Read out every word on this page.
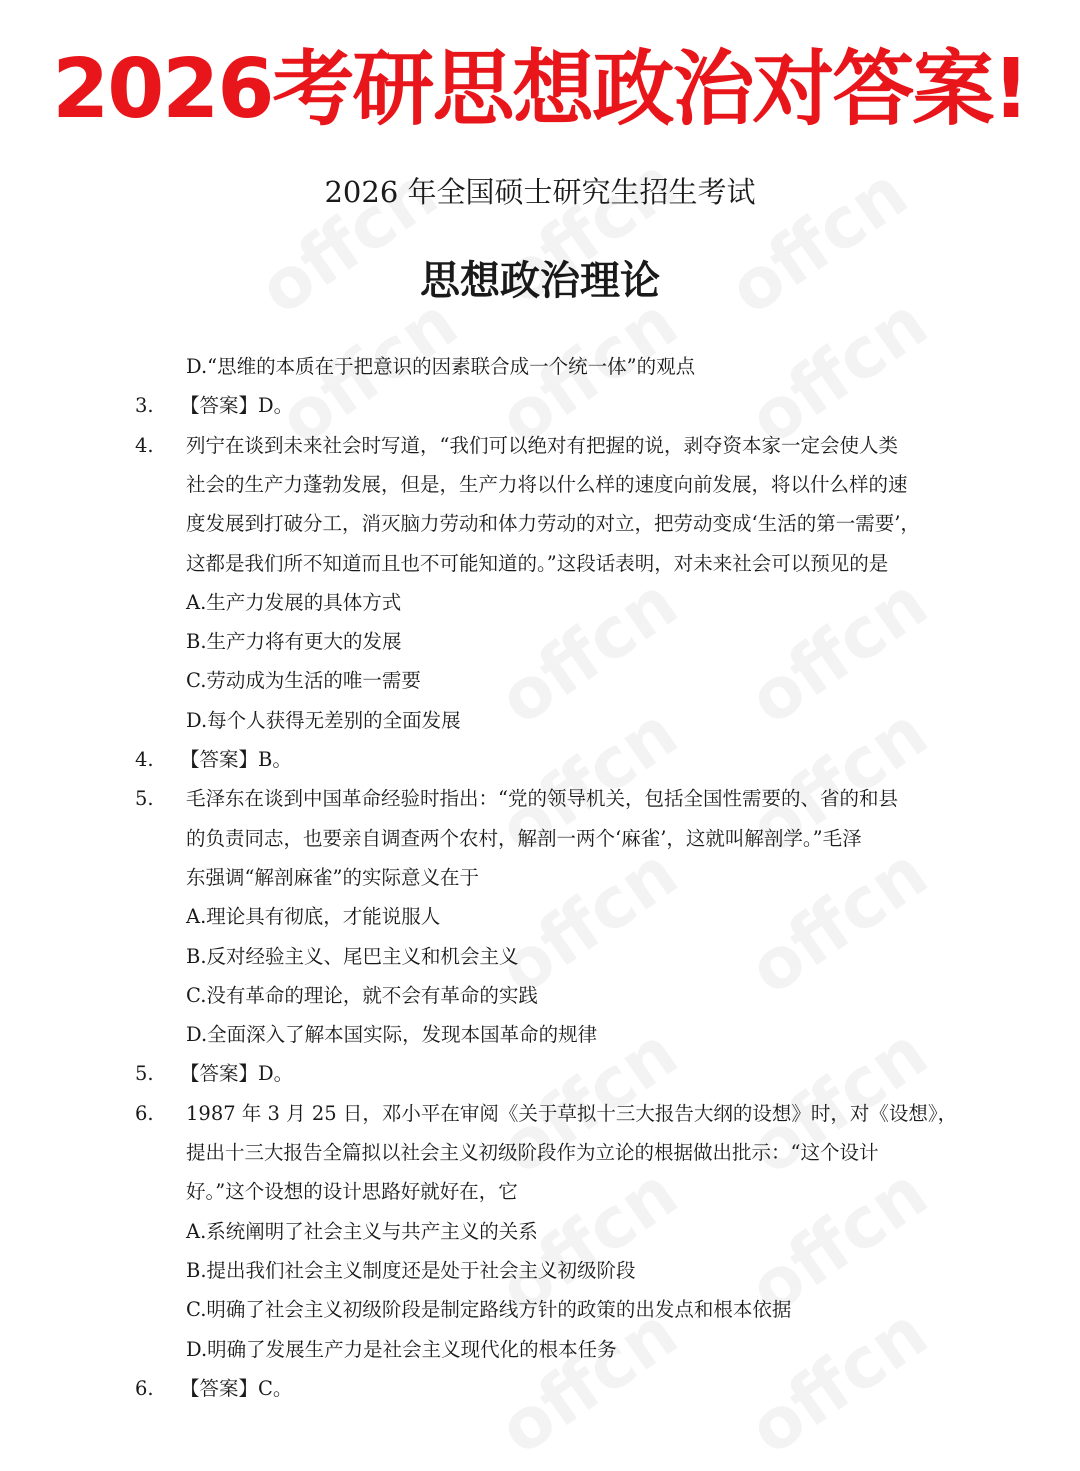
2026考研思想政治对答案!
2026 年全国硕士研究生招生考试
思想政治理论
D.“思维的本质在于把意识的因素联合成一个统一体”的观点
3. 【答案】D。
4. 列宁在谈到未来社会时写道，“我们可以绝对有把握的说，剥夺资本家一定会使人类
社会的生产力蓬勃发展，但是，生产力将以什么样的速度向前发展，将以什么样的速
度发展到打破分工，消灭脑力劳动和体力劳动的对立，把劳动变成‘生活的第一需要’，
这都是我们所不知道而且也不可能知道的。”这段话表明，对未来社会可以预见的是
A.生产力发展的具体方式
B.生产力将有更大的发展
C.劳动成为生活的唯一需要
D.每个人获得无差别的全面发展
4. 【答案】B。
5. 毛泽东在谈到中国革命经验时指出：“党的领导机关，包括全国性需要的、省的和县
的负责同志，也要亲自调查两个农村，解剖一两个‘麻雀’，这就叫解剖学。”毛泽
东强调“解剖麻雀”的实际意义在于
A.理论具有彻底，才能说服人
B.反对经验主义、尾巴主义和机会主义
C.没有革命的理论，就不会有革命的实践
D.全面深入了解本国实际，发现本国革命的规律
5. 【答案】D。
6. 1987 年 3 月 25 日，邓小平在审阅《关于草拟十三大报告大纲的设想》时，对《设想》，
提出十三大报告全篇拟以社会主义初级阶段作为立论的根据做出批示：“这个设计
好。”这个设想的设计思路好就好在，它
A.系统阐明了社会主义与共产主义的关系
B.提出我们社会主义制度还是处于社会主义初级阶段
C.明确了社会主义初级阶段是制定路线方针的政策的出发点和根本依据
D.明确了发展生产力是社会主义现代化的根本任务
6. 【答案】C。
